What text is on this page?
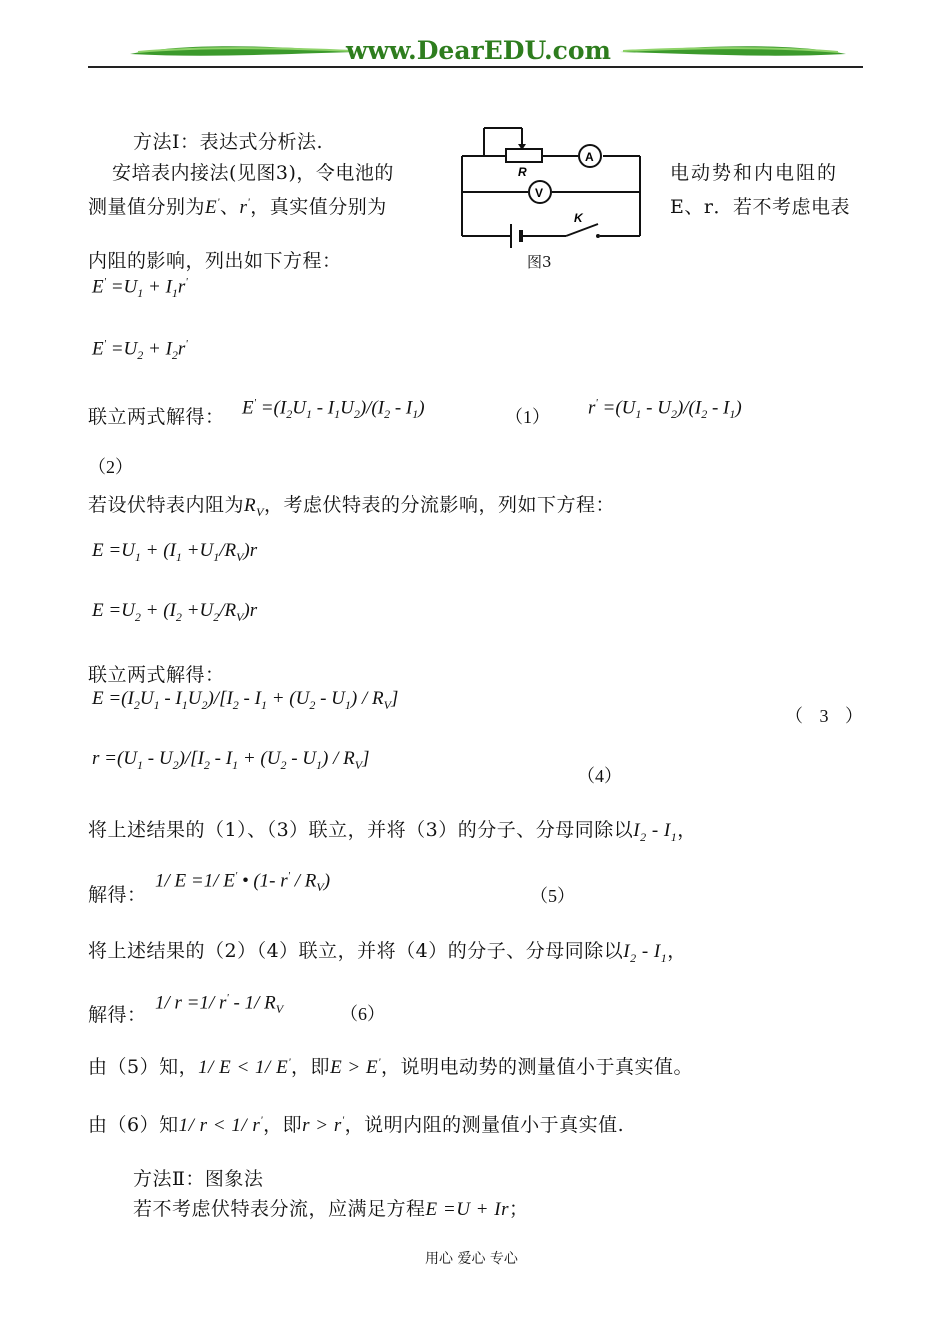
www.DearEDU.com
R
A
V
K
图3
方法Ⅰ：表达式分析法.
安培表内接法(见图3)，令电池的	电动势和内电阻的
测量值分别为E'、r'，真实值分别为	E、r．若不考虑电表
内阻的影响，列出如下方程：
$E' =U_1 + I_1r'$
$E' =U_2 + I_2r'$
联立两式解得： $E' =(I_2U_1 - I_1U_2)/(I_2 - I_1)$	（1） $r' =(U_1 - U_2)/(I_2 - I_1)$
（2）
若设伏特表内阻为$R_V$，考虑伏特表的分流影响，列如下方程：
$E =U_1 + (I_1 +U_1/R_V)r$
$E =U_2 + (I_2 +U_2/R_V)r$
联立两式解得：
$E =(I_2U_1 - I_1U_2)/[I_2 - I_1 + (U_2 - U_1) / R_V]$
（ 3 ）
$r =(U_1 - U_2)/[I_2 - I_1 + (U_2 - U_1) / R_V]$
（4）
将上述结果的（1）、（3）联立，并将（3）的分子、分母同除以$I_2 - I_1$，
解得：
1/ E =1/ E' • (1- $r' / R_V$)
（5）
将上述结果的（2）（4）联立，并将（4）的分子、分母同除以$I_2 - I_1$，
解得：
1/ r =1/ r' - 1/ $R_V$	（6）
由（5）知，1/ E < 1/ E'，即E > E'，说明电动势的测量值小于真实值。
由（6）知1/ r < 1/ r'，即r > r'，说明内阻的测量值小于真实值.
方法Ⅱ：图象法
若不考虑伏特表分流，应满足方程E =U + Ir；
用心 爱心 专心
